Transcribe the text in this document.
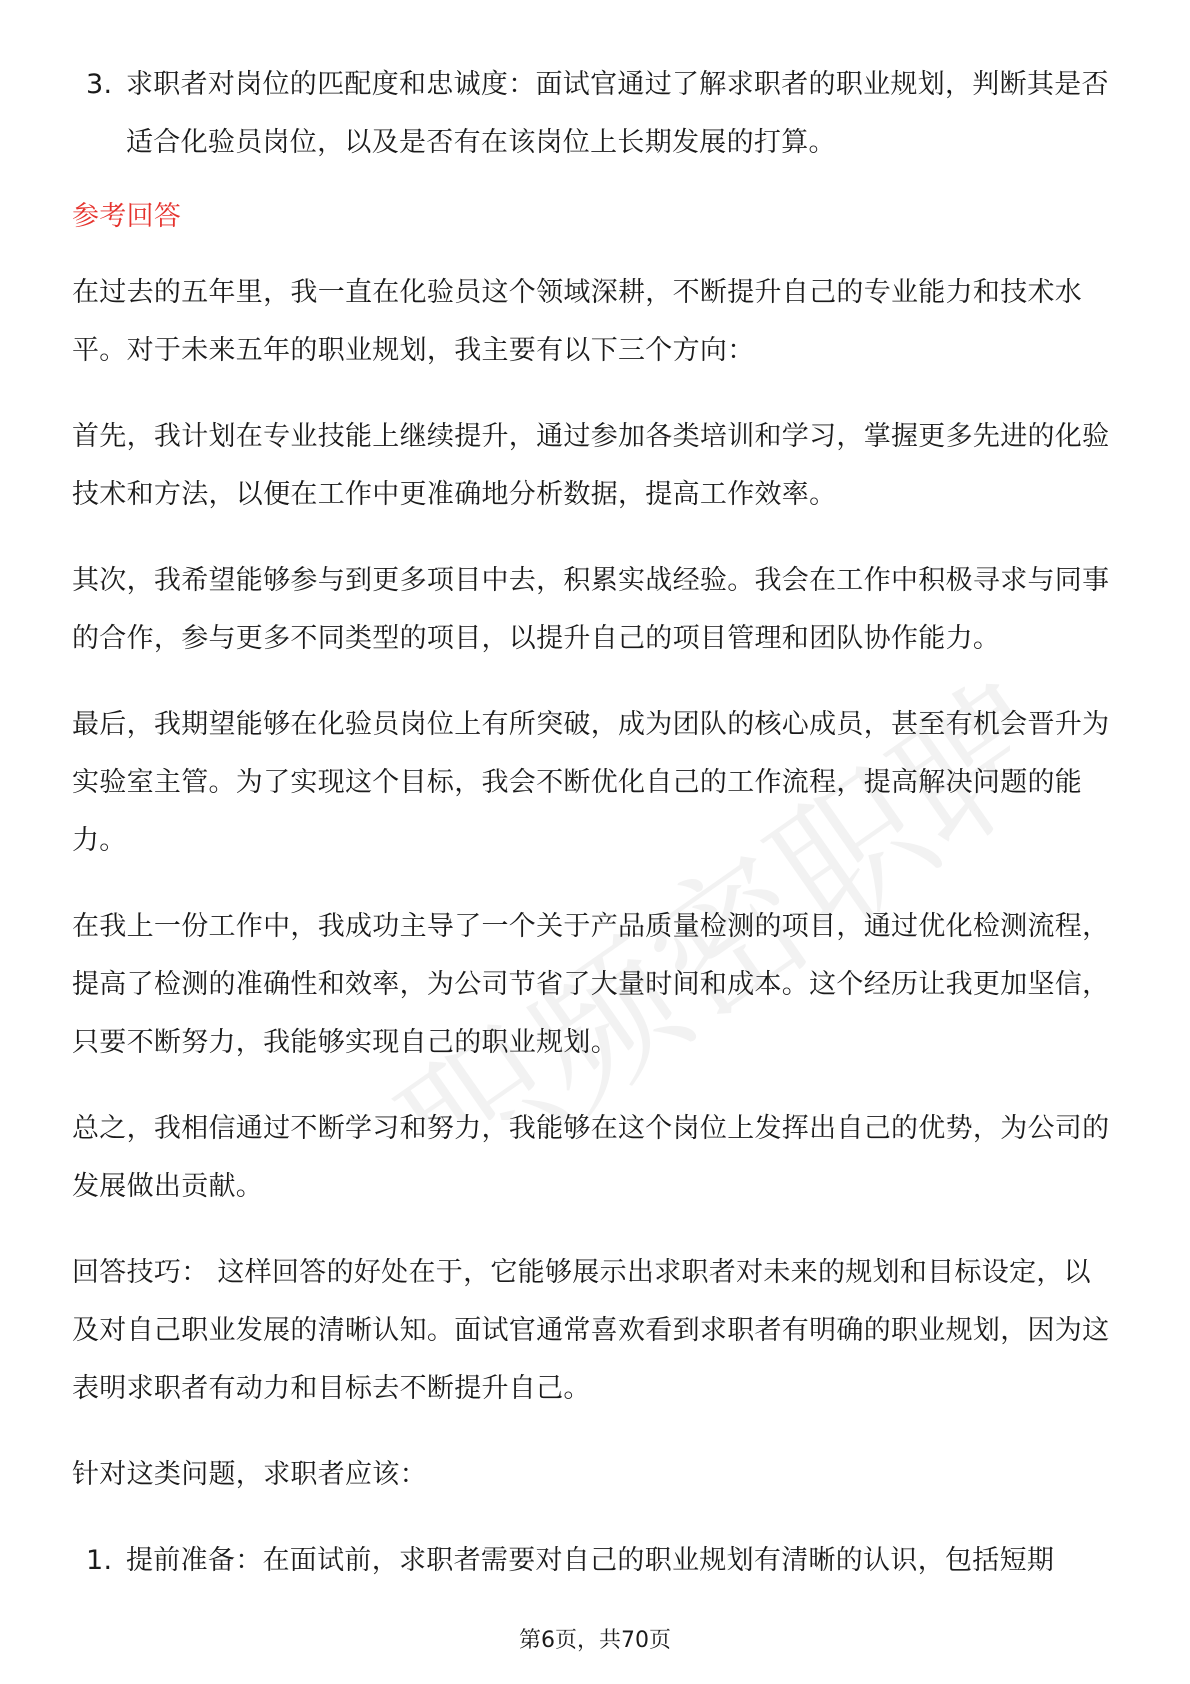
职频密职聘
3. 求职者对岗位的匹配度和忠诚度：面试官通过了解求职者的职业规划，判断其是否适合化验员岗位，以及是否有在该岗位上长期发展的打算。
参考回答

在过去的五年里，我一直在化验员这个领域深耕，不断提升自己的专业能力和技术水平。对于未来五年的职业规划，我主要有以下三个方向：

首先，我计划在专业技能上继续提升，通过参加各类培训和学习，掌握更多先进的化验技术和方法，以便在工作中更准确地分析数据，提高工作效率。

其次，我希望能够参与到更多项目中去，积累实战经验。我会在工作中积极寻求与同事的合作，参与更多不同类型的项目，以提升自己的项目管理和团队协作能力。

最后，我期望能够在化验员岗位上有所突破，成为团队的核心成员，甚至有机会晋升为实验室主管。为了实现这个目标，我会不断优化自己的工作流程，提高解决问题的能力。

在我上一份工作中，我成功主导了一个关于产品质量检测的项目，通过优化检测流程，提高了检测的准确性和效率，为公司节省了大量时间和成本。这个经历让我更加坚信，只要不断努力，我能够实现自己的职业规划。

总之，我相信通过不断学习和努力，我能够在这个岗位上发挥出自己的优势，为公司的发展做出贡献。

回答技巧： 这样回答的好处在于，它能够展示出求职者对未来的规划和目标设定，以及对自己职业发展的清晰认知。面试官通常喜欢看到求职者有明确的职业规划，因为这表明求职者有动力和目标去不断提升自己。

针对这类问题，求职者应该：

1. 提前准备：在面试前，求职者需要对自己的职业规划有清晰的认识，包括短期
第6页，共70页
